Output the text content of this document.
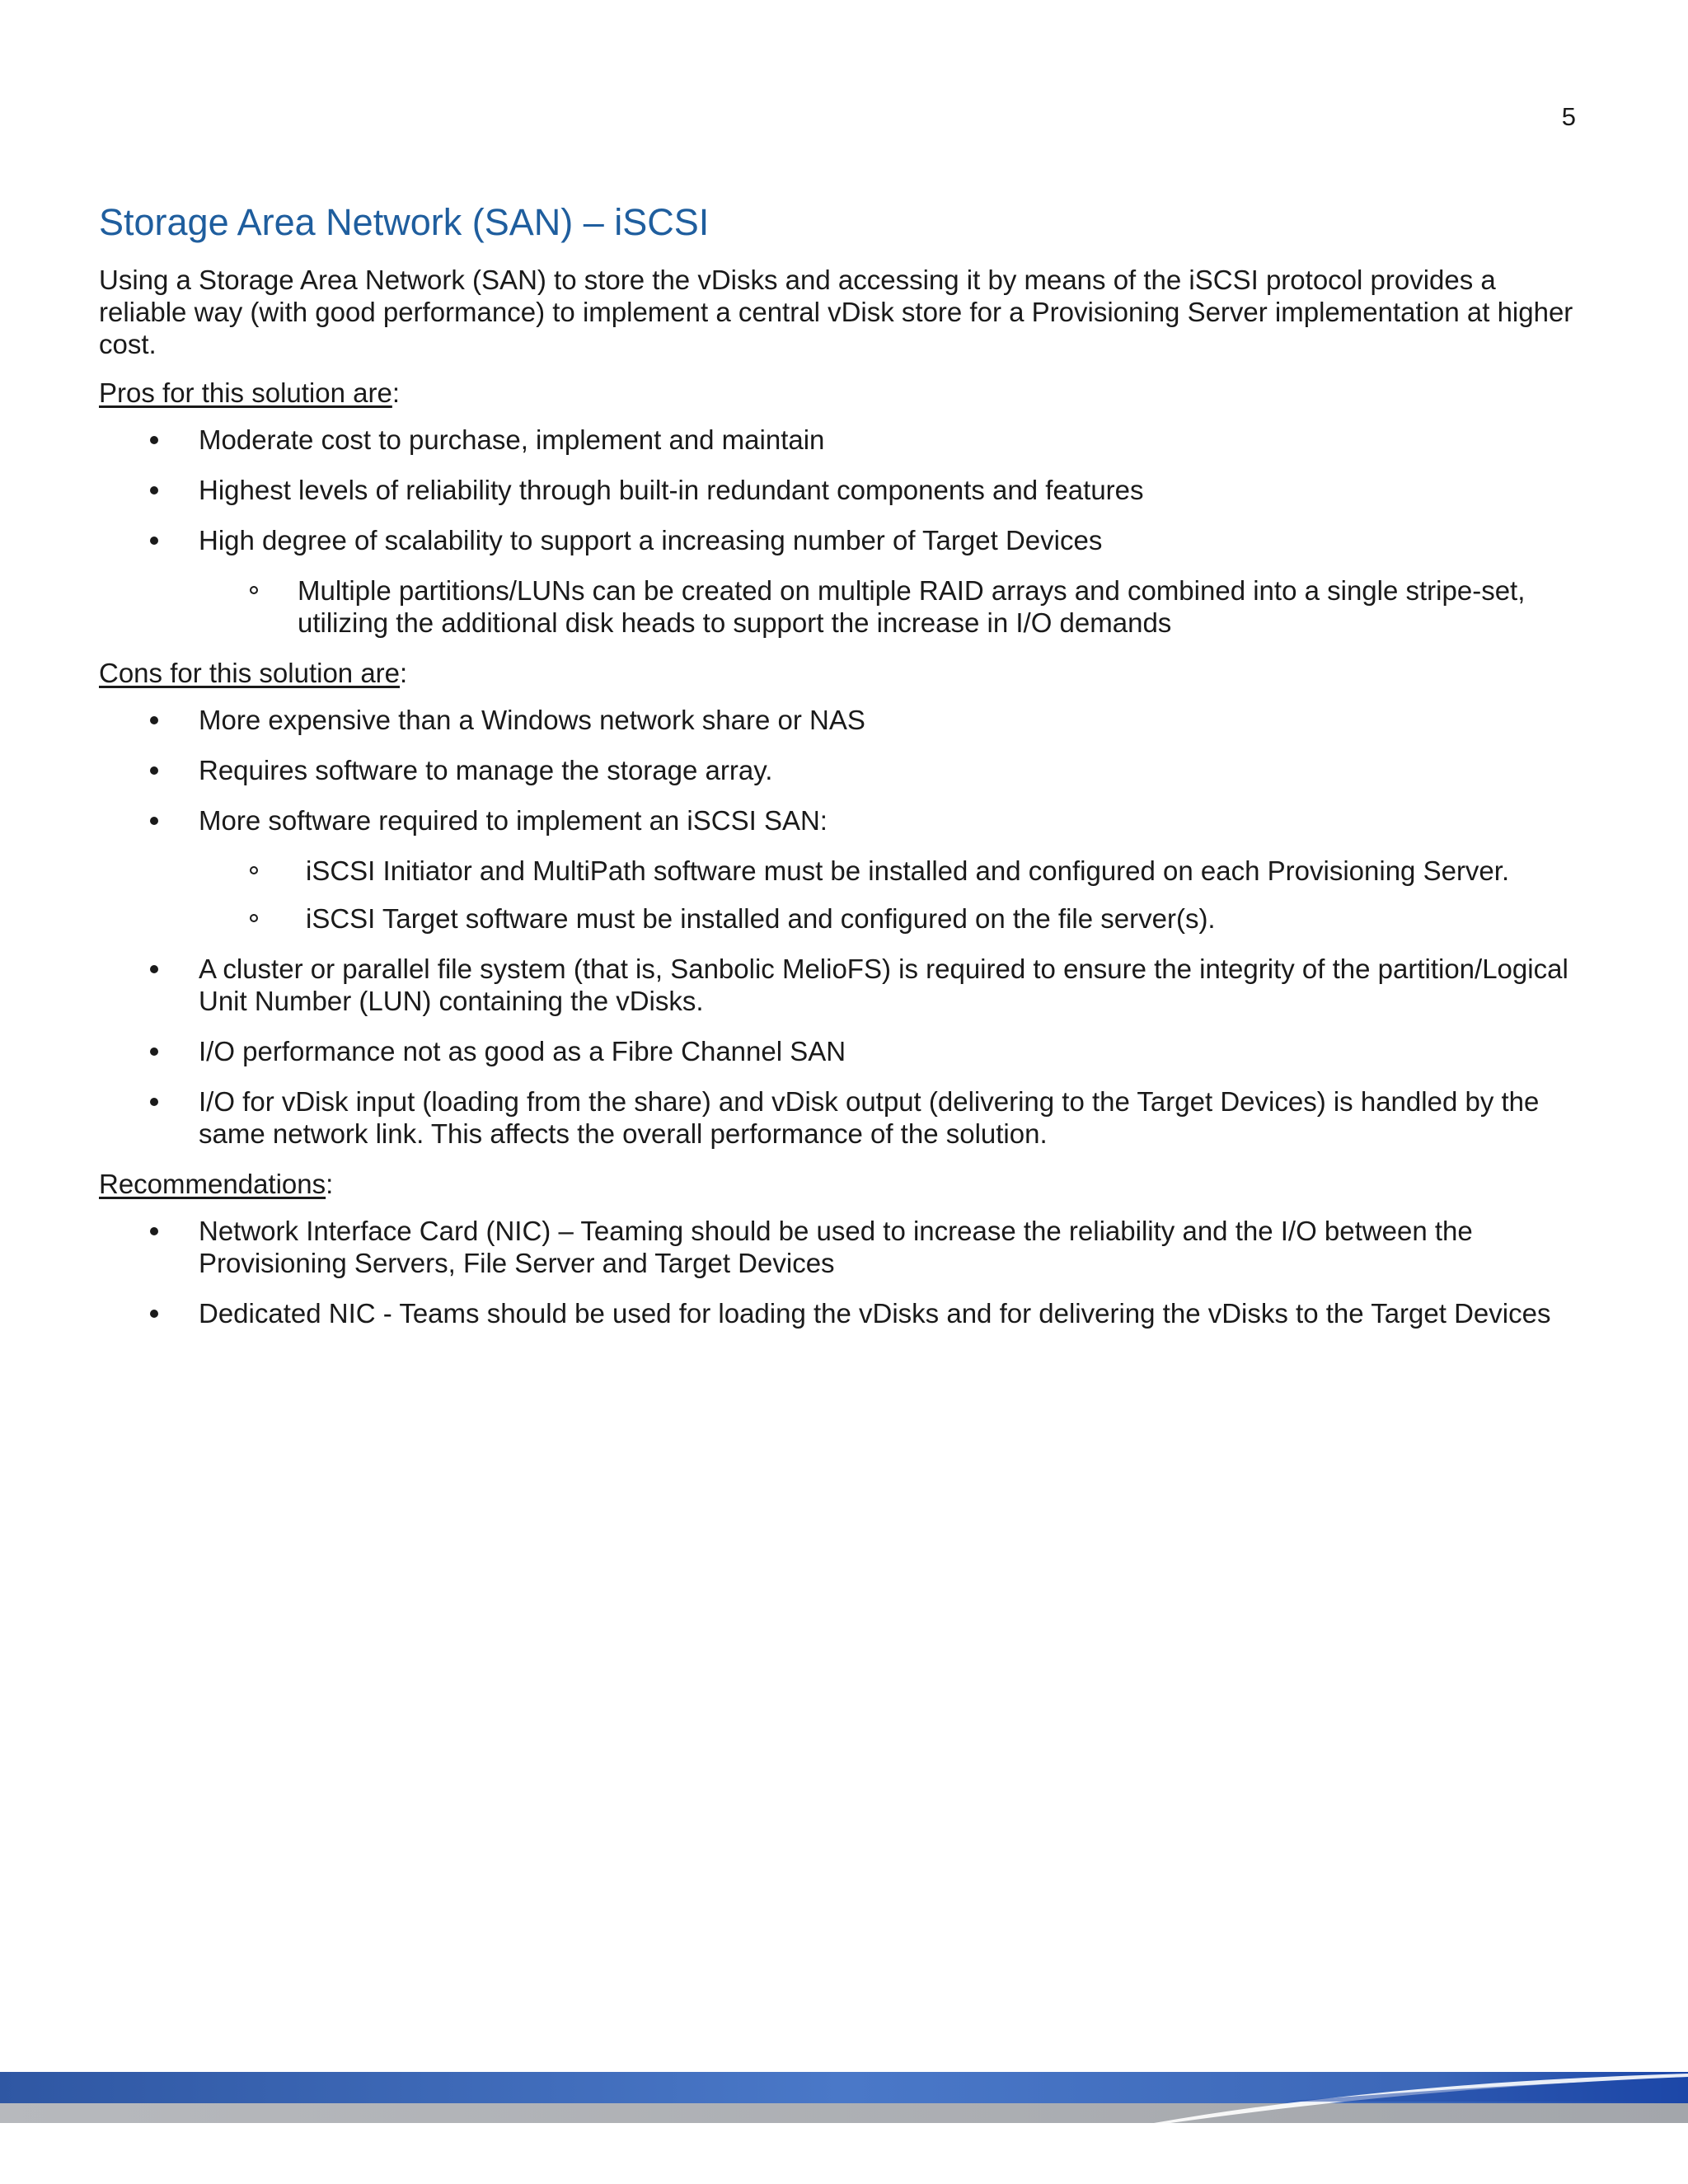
5
Storage Area Network (SAN) – iSCSI

Using a Storage Area Network (SAN) to store the vDisks and accessing it by means of the iSCSI protocol provides a reliable way (with good performance) to implement a central vDisk store for a Provisioning Server implementation at higher cost.

Pros for this solution are:
Moderate cost to purchase, implement and maintain
Highest levels of reliability through built-in redundant components and features
High degree of scalability to support a increasing number of Target Devices
Multiple partitions/LUNs can be created on multiple RAID arrays and combined into a single stripe-set, utilizing the additional disk heads to support the increase in I/O demands
Cons for this solution are:
More expensive than a Windows network share or NAS
Requires software to manage the storage array.
More software required to implement an iSCSI SAN:
iSCSI Initiator and MultiPath software must be installed and configured on each Provisioning Server.
iSCSI Target software must be installed and configured on the file server(s).
A cluster or parallel file system (that is, Sanbolic MelioFS) is required to ensure the integrity of the partition/Logical Unit Number (LUN) containing the vDisks.
I/O performance not as good as a Fibre Channel SAN
I/O for vDisk input (loading from the share) and vDisk output (delivering to the Target Devices) is handled by the same network link. This affects the overall performance of the solution.
Recommendations:
Network Interface Card (NIC) – Teaming should be used to increase the reliability and the I/O between the Provisioning Servers, File Server and Target Devices
Dedicated NIC - Teams should be used for loading the vDisks and for delivering the vDisks to the Target Devices
